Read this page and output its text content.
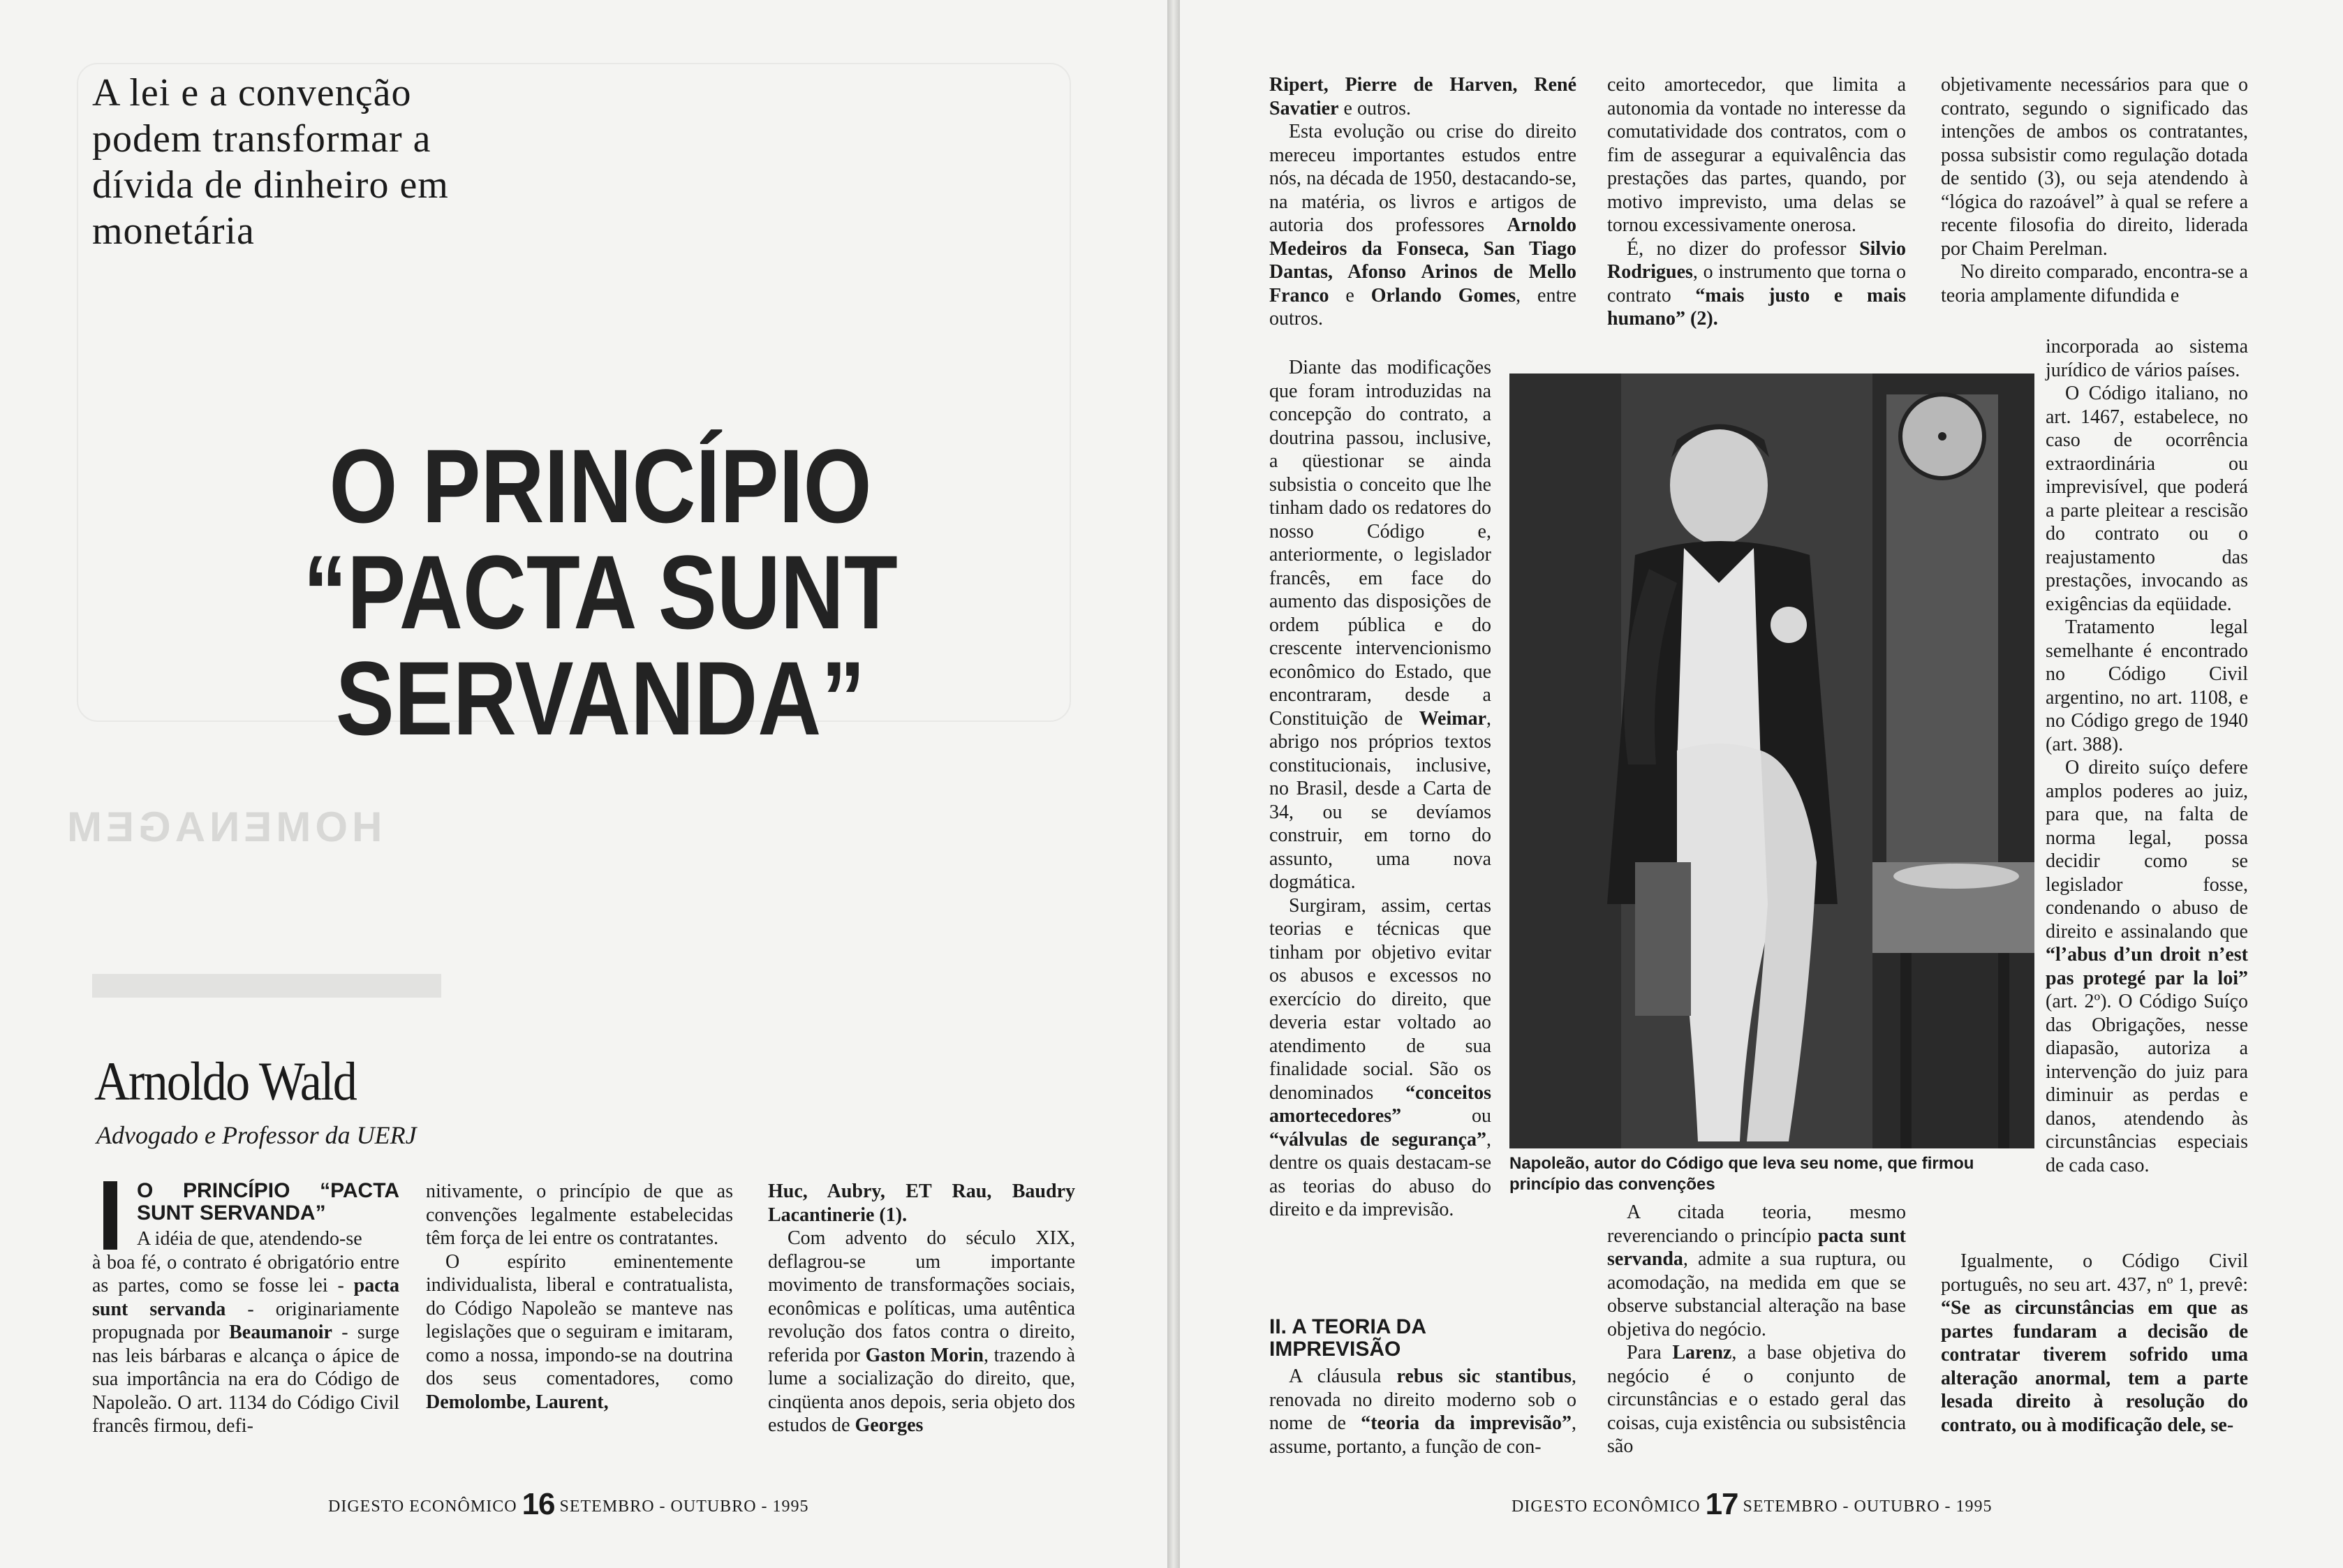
HOMENAGEM
A lei e a convenção podem transformar a dívida de dinheiro em monetária
O PRINCÍPIO
“PACTA SUNT
SERVANDA”
Arnoldo Wald
Advogado e Professor da UERJ
O PRINCÍPIO “PACTA SUNT SERVANDA”

A idéia de que, atendendo-se

à boa fé, o contrato é obrigatório entre as partes, como se fosse lei - pacta sunt servanda - originariamente propugnada por Beaumanoir - surge nas leis bárbaras e alcança o ápice de sua importância na era do Código de Napoleão. O art. 1134 do Código Civil francês firmou, defi-

nitivamente, o princípio de que as convenções legalmente estabelecidas têm força de lei entre os contratantes.

O espírito eminentemente individualista, liberal e contratualista, do Código Napoleão se manteve nas legislações que o seguiram e imitaram, como a nossa, impondo-se na doutrina dos seus comentadores, como Demolombe, Laurent,

Huc, Aubry, ET Rau, Baudry Lacantinerie (1).

Com advento do século XIX, deflagrou-se um importante movimento de transformações sociais, econômicas e políticas, uma autêntica revolução dos fatos contra o direito, referida por Gaston Morin, trazendo à lume a socialização do direito, que, cinqüenta anos depois, seria objeto dos estudos de Georges

DIGESTO ECONÔMICO 16 SETEMBRO - OUTUBRO - 1995

Ripert, Pierre de Harven, René Savatier e outros.

Esta evolução ou crise do direito mereceu importantes estudos entre nós, na década de 1950, destacando-se, na matéria, os livros e artigos de autoria dos professores Arnoldo Medeiros da Fonseca, San Tiago Dantas, Afonso Arinos de Mello Franco e Orlando Gomes, entre outros.

Diante das modificações que foram introduzidas na concepção do contrato, a doutrina passou, inclusive, a qüestionar se ainda subsistia o conceito que lhe tinham dado os redatores do nosso Código e, anteriormente, o legislador francês, em face do aumento das disposições de ordem pública e do crescente intervencionismo econômico do Estado, que encontraram, desde a Constituição de Weimar, abrigo nos próprios textos constitucionais, inclusive, no Brasil, desde a Carta de 34, ou se devíamos construir, em torno do assunto, uma nova dogmática.

Surgiram, assim, certas teorias e técnicas que tinham por objetivo evitar os abusos e excessos no exercício do direito, que deveria estar voltado ao atendimento de sua finalidade social. São os denominados “conceitos amortecedores” ou “válvulas de segurança”, dentre os quais destacam-se as teorias do abuso do direito e da imprevisão.

II. A TEORIA DA IMPREVISÃO

A cláusula rebus sic stantibus, renovada no direito moderno sob o nome de “teoria da imprevisão”, assume, portanto, a função de con-

ceito amortecedor, que limita a autonomia da vontade no interesse da comutatividade dos contratos, com o fim de assegurar a equivalência das prestações das partes, quando, por motivo imprevisto, uma delas se tornou excessivamente onerosa.

É, no dizer do professor Silvio Rodrigues, o instrumento que torna o contrato “mais justo e mais humano” (2).

A citada teoria, mesmo reverenciando o princípio pacta sunt servanda, admite a sua ruptura, ou acomodação, na medida em que se observe substancial alteração na base objetiva do negócio.

Para Larenz, a base objetiva do negócio é o conjunto de circunstâncias e o estado geral das coisas, cuja existência ou subsistência são

objetivamente necessários para que o contrato, segundo o significado das intenções de ambos os contratantes, possa subsistir como regulação dotada de sentido (3), ou seja atendendo à “lógica do razoável” à qual se refere a recente filosofia do direito, liderada por Chaim Perelman.

No direito comparado, encontra-se a teoria amplamente difundida e

incorporada ao sistema jurídico de vários países.

O Código italiano, no art. 1467, estabelece, no caso de ocorrência extraordinária ou imprevisível, que poderá a parte pleitear a rescisão do contrato ou o reajustamento das prestações, invocando as exigências da eqüidade.

Tratamento legal semelhante é encontrado no Código Civil argentino, no art. 1108, e no Código grego de 1940 (art. 388).

O direito suíço defere amplos poderes ao juiz, para que, na falta de norma legal, possa decidir como se legislador fosse, condenando o abuso de direito e assinalando que “l’abus d’un droit n’est pas protegé par la loi” (art. 2º). O Código Suíço das Obrigações, nesse diapasão, autoriza a intervenção do juiz para diminuir as perdas e danos, atendendo às circunstâncias especiais de cada caso.

Igualmente, o Código Civil português, no seu art. 437, nº 1, prevê: “Se as circunstâncias em que as partes fundaram a decisão de contratar tiverem sofrido uma alteração anormal, tem a parte lesada direito à resolução do contrato, ou à modificação dele, se-

DIGESTO ECONÔMICO 17 SETEMBRO - OUTUBRO - 1995
Napoleão, autor do Código que leva seu nome, que firmou princípio das convenções
